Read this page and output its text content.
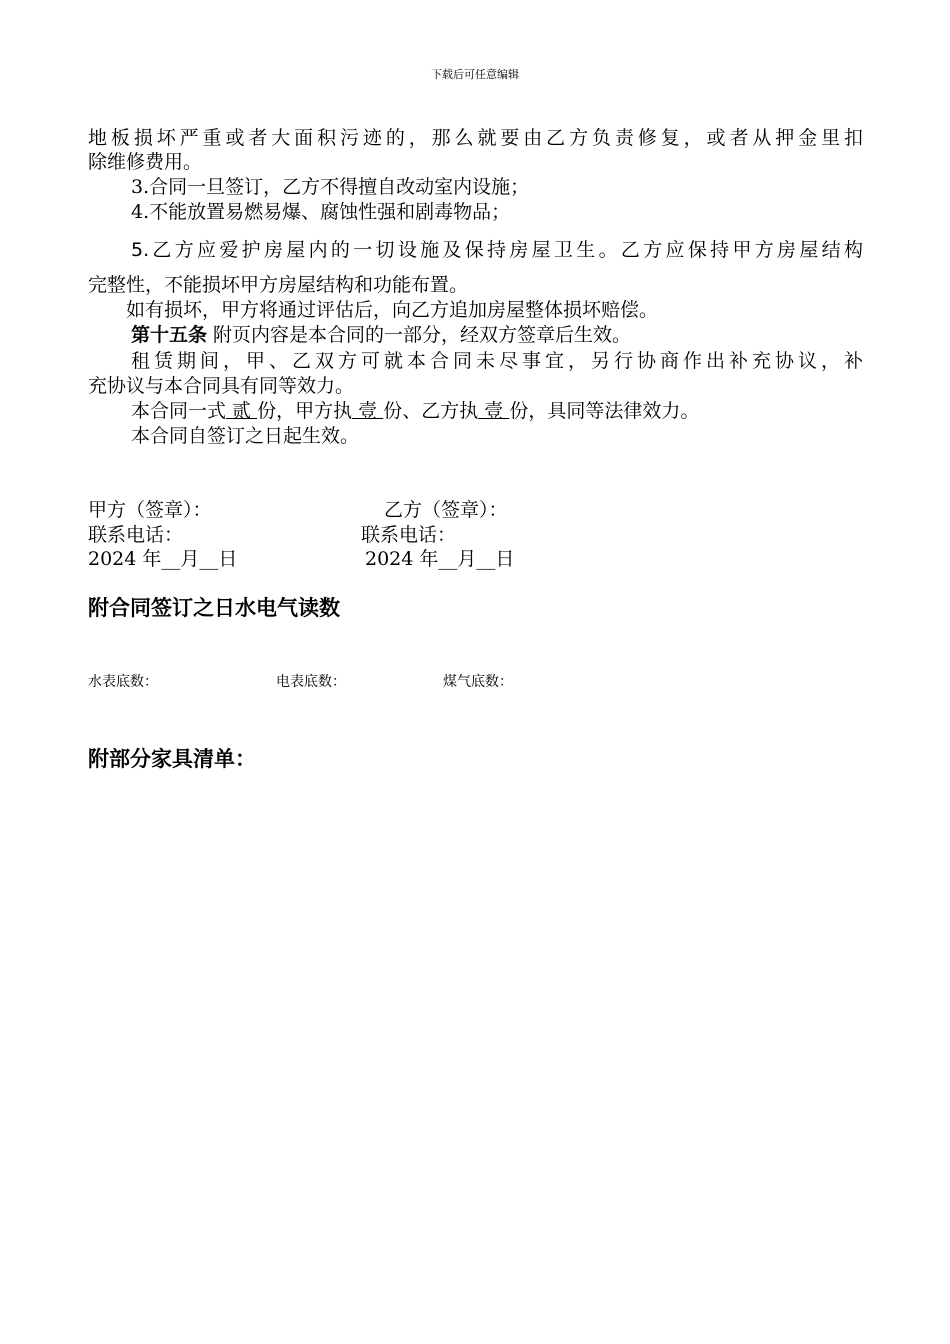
下载后可任意编辑
地板损坏严重或者大面积污迹的，那么就要由乙方负责修复，或者从押金里扣
除维修费用。
3.合同一旦签订，乙方不得擅自改动室内设施；
4.不能放置易燃易爆、腐蚀性强和剧毒物品；
5.乙方应爱护房屋内的一切设施及保持房屋卫生。乙方应保持甲方房屋结构
完整性，不能损坏甲方房屋结构和功能布置。
如有损坏，甲方将通过评估后，向乙方追加房屋整体损坏赔偿。
第十五条 附页内容是本合同的一部分，经双方签章后生效。
租赁期间，甲、乙双方可就本合同未尽事宜，另行协商作出补充协议，补
充协议与本合同具有同等效力。
本合同一式 贰 份，甲方执 壹 份、乙方执 壹 份，具同等法律效力。
本合同自签订之日起生效。
甲方（签章）：	乙方（签章）：
联系电话：	联系电话：
2024 年__月__日	2024 年__月__日
附合同签订之日水电气读数
水表底数：	电表底数：	煤气底数：
附部分家具清单：
